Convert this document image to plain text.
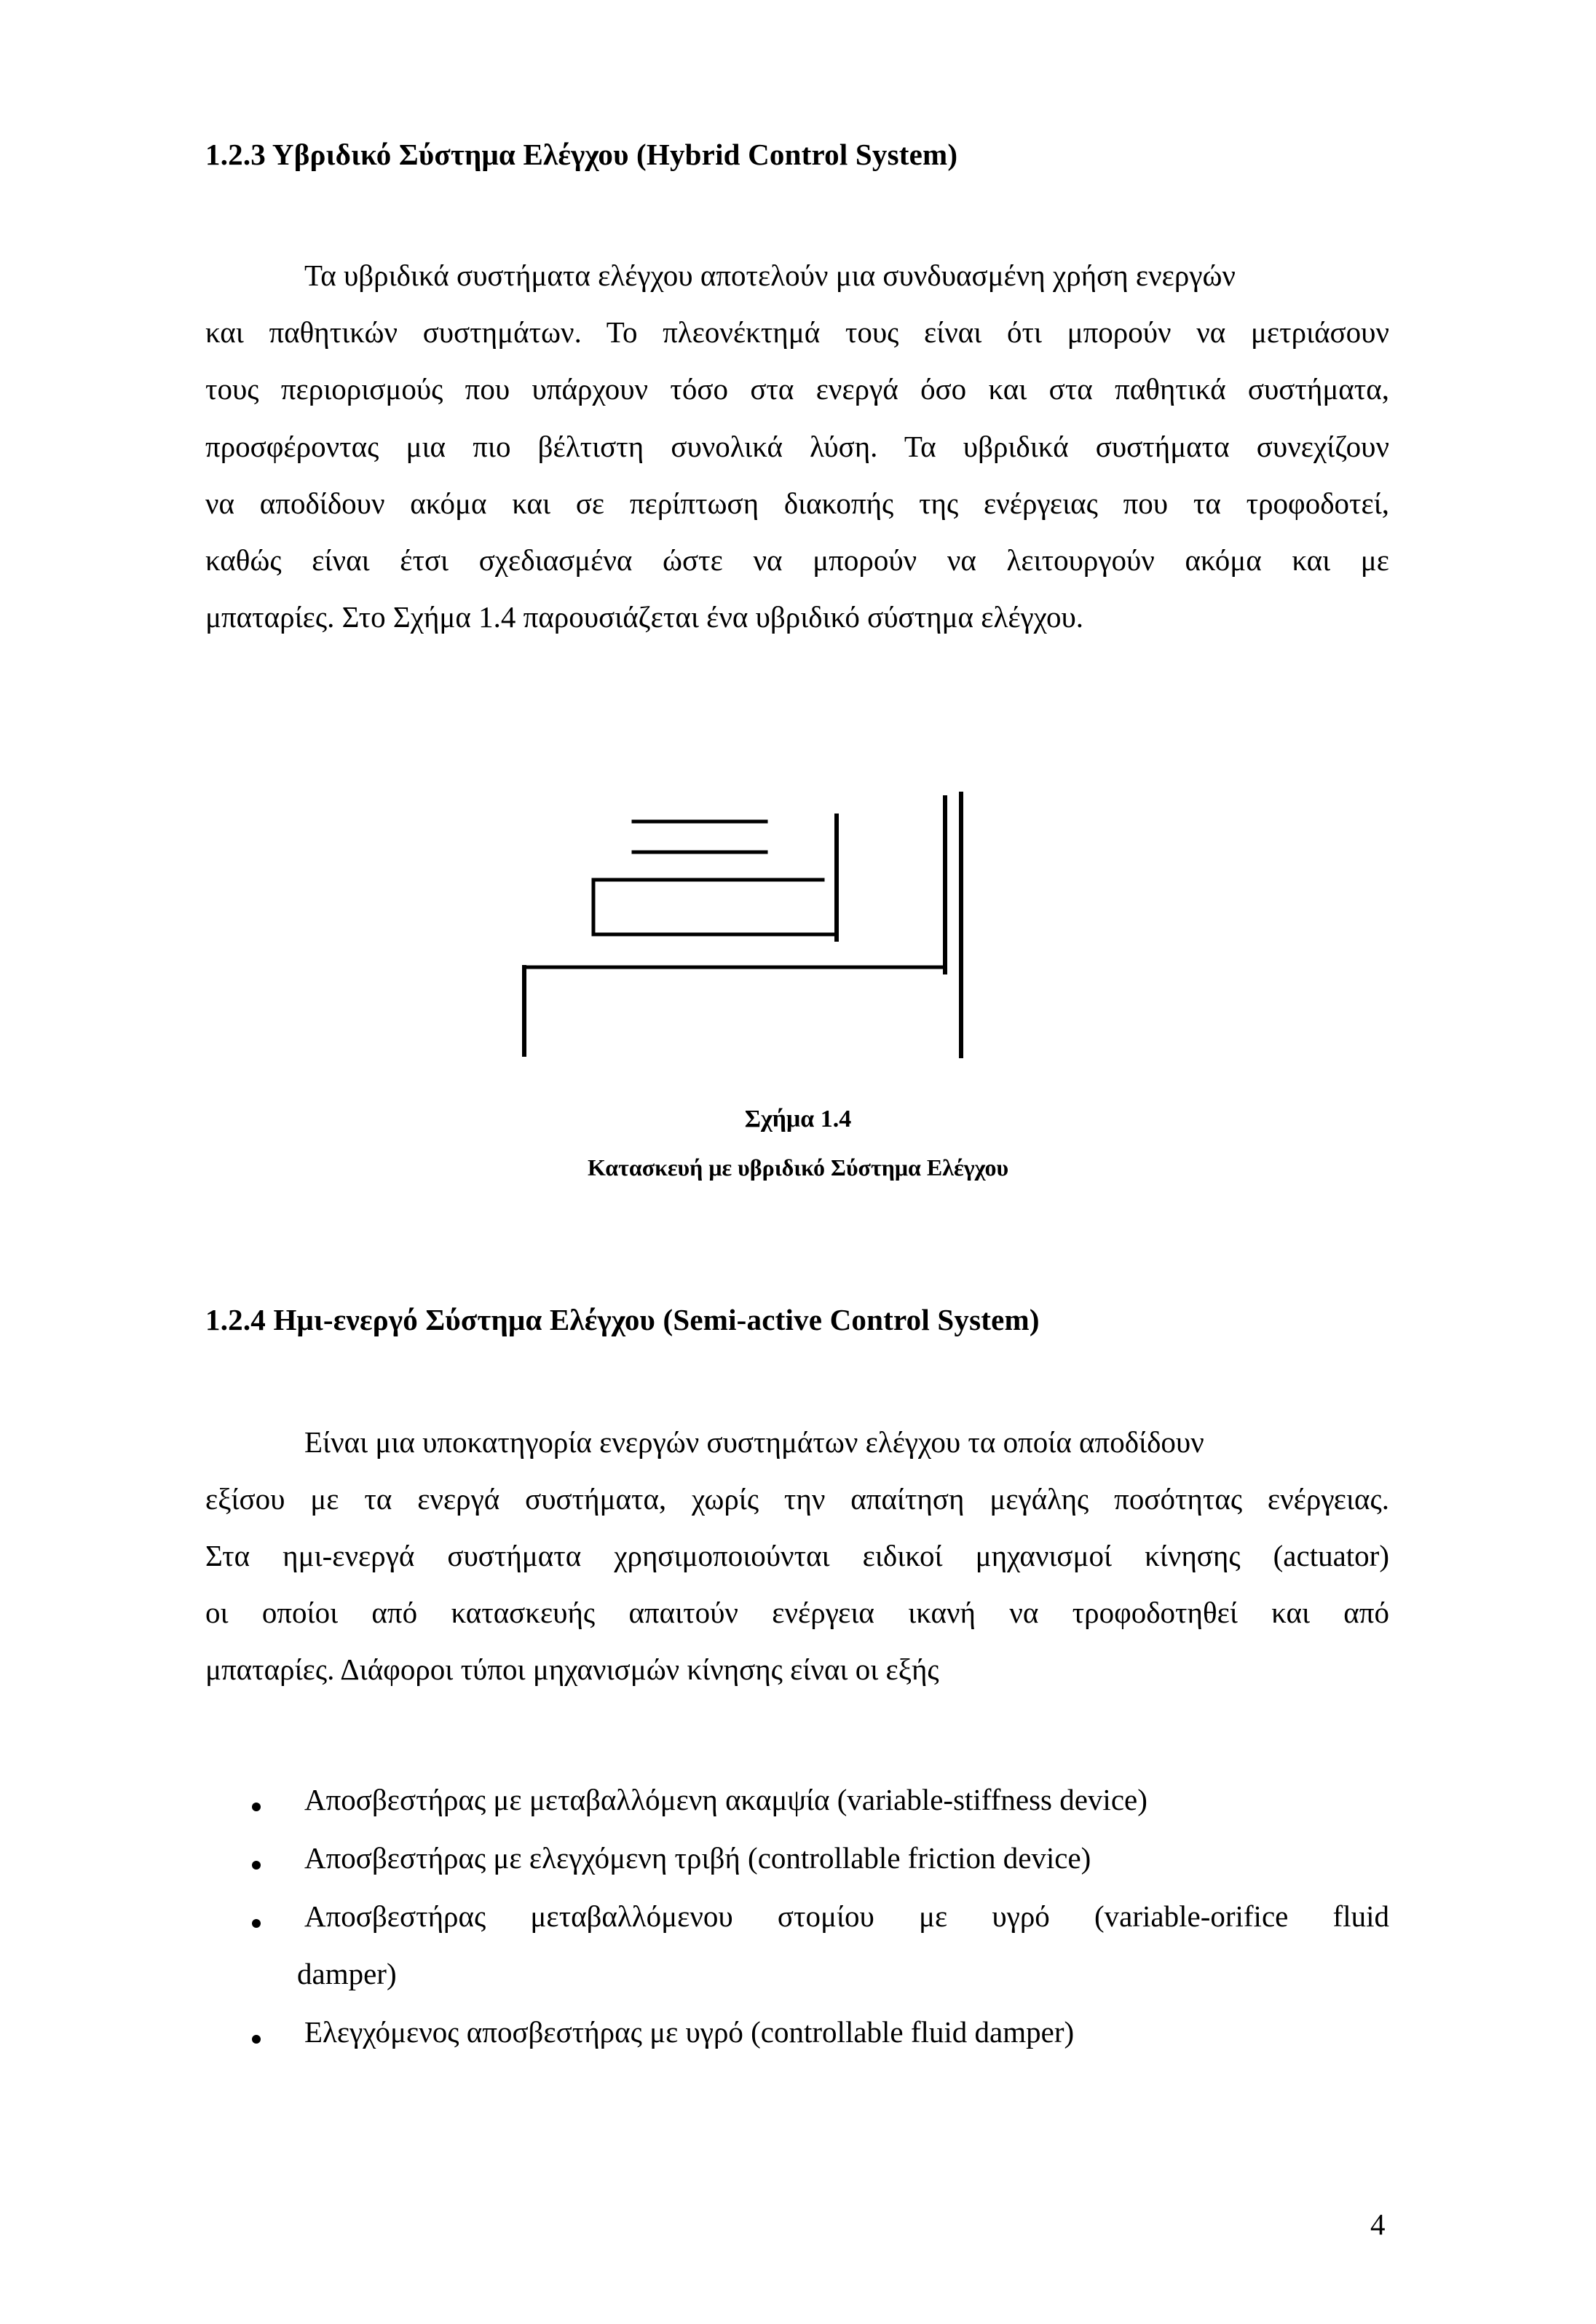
1.2.3 Υβριδικό Σύστημα Ελέγχου (Hybrid Control System)
Τα υβριδικά συστήματα ελέγχου αποτελούν μια συνδυασμένη χρήση ενεργών
και παθητικών συστημάτων. Το πλεονέκτημά τους είναι ότι μπορούν να μετριάσουν
τους περιορισμούς που υπάρχουν τόσο στα ενεργά όσο και στα παθητικά συστήματα,
προσφέροντας μια πιο βέλτιστη συνολικά λύση. Τα υβριδικά συστήματα συνεχίζουν
να αποδίδουν ακόμα και σε περίπτωση διακοπής της ενέργειας που τα τροφοδοτεί,
καθώς είναι έτσι σχεδιασμένα ώστε να μπορούν να λειτουργούν ακόμα και με
μπαταρίες. Στο Σχήμα 1.4 παρουσιάζεται ένα υβριδικό σύστημα ελέγχου.
Σχήμα 1.4
Κατασκευή με υβριδικό Σύστημα Ελέγχου
1.2.4 Ημι-ενεργό Σύστημα Ελέγχου (Semi-active Control System)
Είναι μια υποκατηγορία ενεργών συστημάτων ελέγχου τα οποία αποδίδουν
εξίσου με τα ενεργά συστήματα, χωρίς την απαίτηση μεγάλης ποσότητας ενέργειας.
Στα ημι-ενεργά συστήματα χρησιμοποιούνται ειδικοί μηχανισμοί κίνησης (actuator)
οι οποίοι από κατασκευής απαιτούν ενέργεια ικανή να τροφοδοτηθεί και από
μπαταρίες. Διάφοροι τύποι μηχανισμών κίνησης είναι οι εξής
Αποσβεστήρας με μεταβαλλόμενη ακαμψία (variable-stiffness device)
Αποσβεστήρας με ελεγχόμενη τριβή (controllable friction device)
Αποσβεστήρας μεταβαλλόμενου στομίου με υγρό (variable-orifice fluid
damper)
Ελεγχόμενος αποσβεστήρας με υγρό (controllable fluid damper)
4
